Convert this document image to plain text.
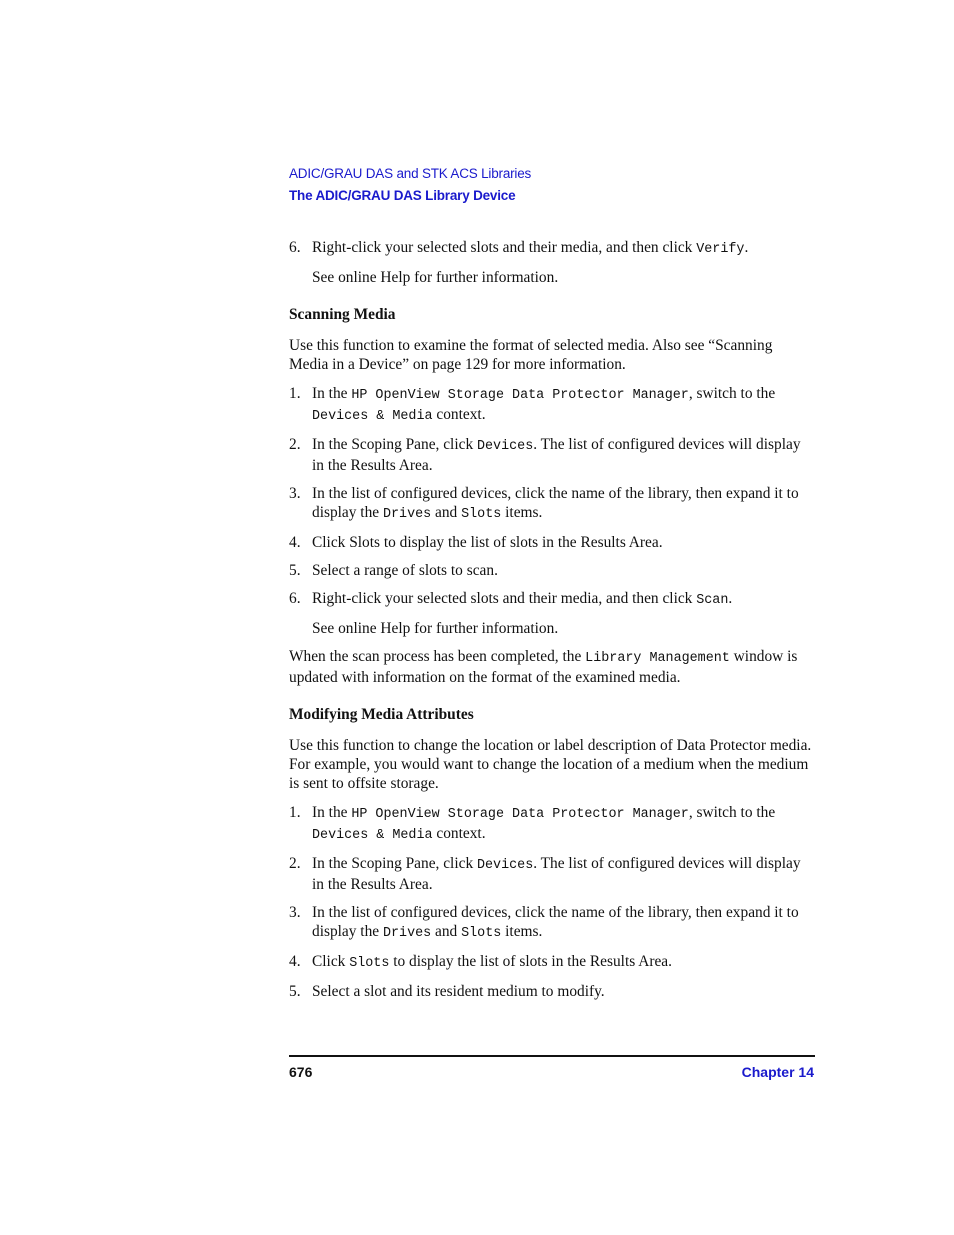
ADIC/GRAU DAS and STK ACS Libraries
The ADIC/GRAU DAS Library Device
6. Right-click your selected slots and their media, and then click Verify.

See online Help for further information.

Scanning Media

Use this function to examine the format of selected media. Also see “Scanning Media in a Device” on page 129 for more information.

1. In the HP OpenView Storage Data Protector Manager, switch to the Devices & Media context.
2. In the Scoping Pane, click Devices. The list of configured devices will display in the Results Area.
3. In the list of configured devices, click the name of the library, then expand it to display the Drives and Slots items.
4. Click Slots to display the list of slots in the Results Area.
5. Select a range of slots to scan.
6. Right-click your selected slots and their media, and then click Scan.

See online Help for further information.

When the scan process has been completed, the Library Management window is updated with information on the format of the examined media.

Modifying Media Attributes

Use this function to change the location or label description of Data Protector media. For example, you would want to change the location of a medium when the medium is sent to offsite storage.

1. In the HP OpenView Storage Data Protector Manager, switch to the Devices & Media context.
2. In the Scoping Pane, click Devices. The list of configured devices will display in the Results Area.
3. In the list of configured devices, click the name of the library, then expand it to display the Drives and Slots items.
4. Click Slots to display the list of slots in the Results Area.
5. Select a slot and its resident medium to modify.
676	Chapter 14
